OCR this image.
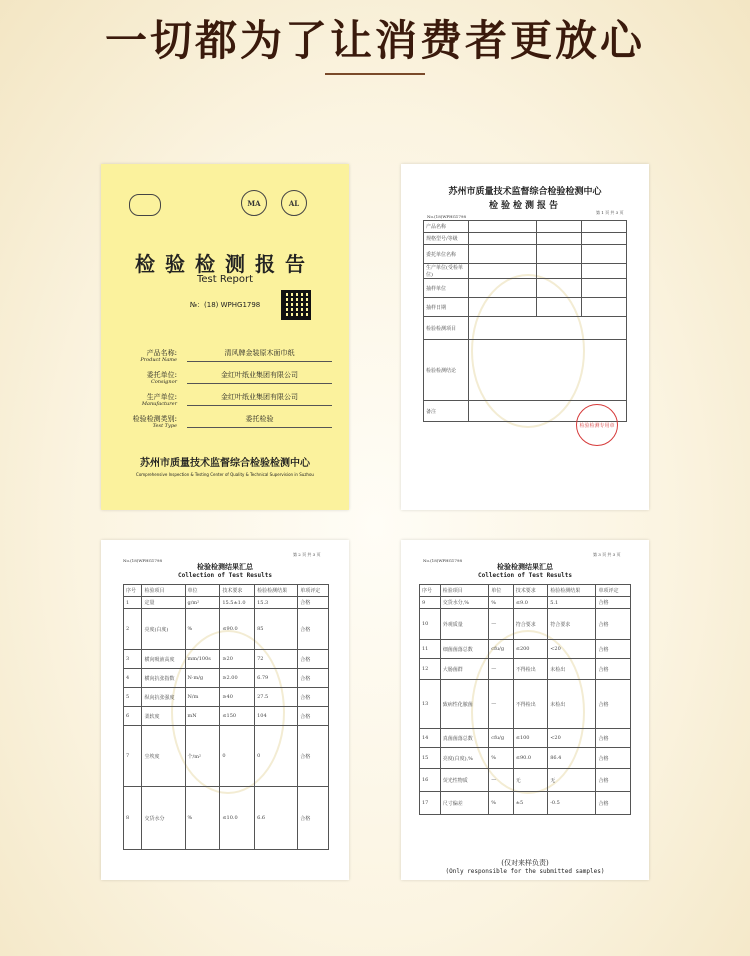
一切都为了让消费者更放心
MA	AL
检验检测报告
Test Report
№：(18) WPHG1798
产品名称:
Product Name
清风牌金装原木面巾纸
委托单位:
Consignor
金红叶纸业集团有限公司
生产单位:
Manufacturer
金红叶纸业集团有限公司
检验检测类别:
Test Type
委托检验
苏州市质量技术监督综合检验检测中心
Comprehensive Inspection & Testing Center of Quality & Technical Supervision in Suzhou
苏州市质量技术监督综合检验检测中心
检验检测报告
No.(18)WPHG1798
第 1 页 共 3 页
产品名称			
规格型号/等级			
委托单位名称			
生产单位(受检单位)			
抽样单位			
抽样日期			
检验检测项目			
检验检测结论			
备注			
检验检测专用章
No.(18)WPHG1798
第 2 页 共 3 页
检验检测结果汇总
Collection of Test Results
序号	检验项目	单位	技术要求	检验检测结果	单项评定
1	定量	g/m²	15.5±1.0	15.3	合格
2	亮度(白度)	%	≤90.0	85	合格
3	横向吸液高度	mm/100s	≥20	72	合格
4	横向抗张指数	N·m/g	≥2.00	6.79	合格
5	纵向抗张强度	N/m	≥40	27.5	合格
6	柔软度	mN	≤150	104	合格
7	尘埃度	个/m²	0	0	合格
8	交货水分	%	≤10.0	6.6	合格
No.(18)WPHG1798
第 3 页 共 3 页
检验检测结果汇总
Collection of Test Results
序号	检验项目	单位	技术要求	检验检测结果	单项评定
9	交货水分,%	%	≤9.0	5.1	合格
10	外观质量	—	符合要求	符合要求	合格
11	细菌菌落总数	cfu/g	≤200	<20	合格
12	大肠菌群	—	不得检出	未检出	合格
13	致病性化脓菌	—	不得检出	未检出	合格
14	真菌菌落总数	cfu/g	≤100	<20	合格
15	亮度(白度),%	%	≤90.0	86.4	合格
16	荧光性物质	—	无	无	合格
17	尺寸偏差	%	±5	-0.5	合格
(仅对来样负责)
(Only responsible for the submitted samples)
